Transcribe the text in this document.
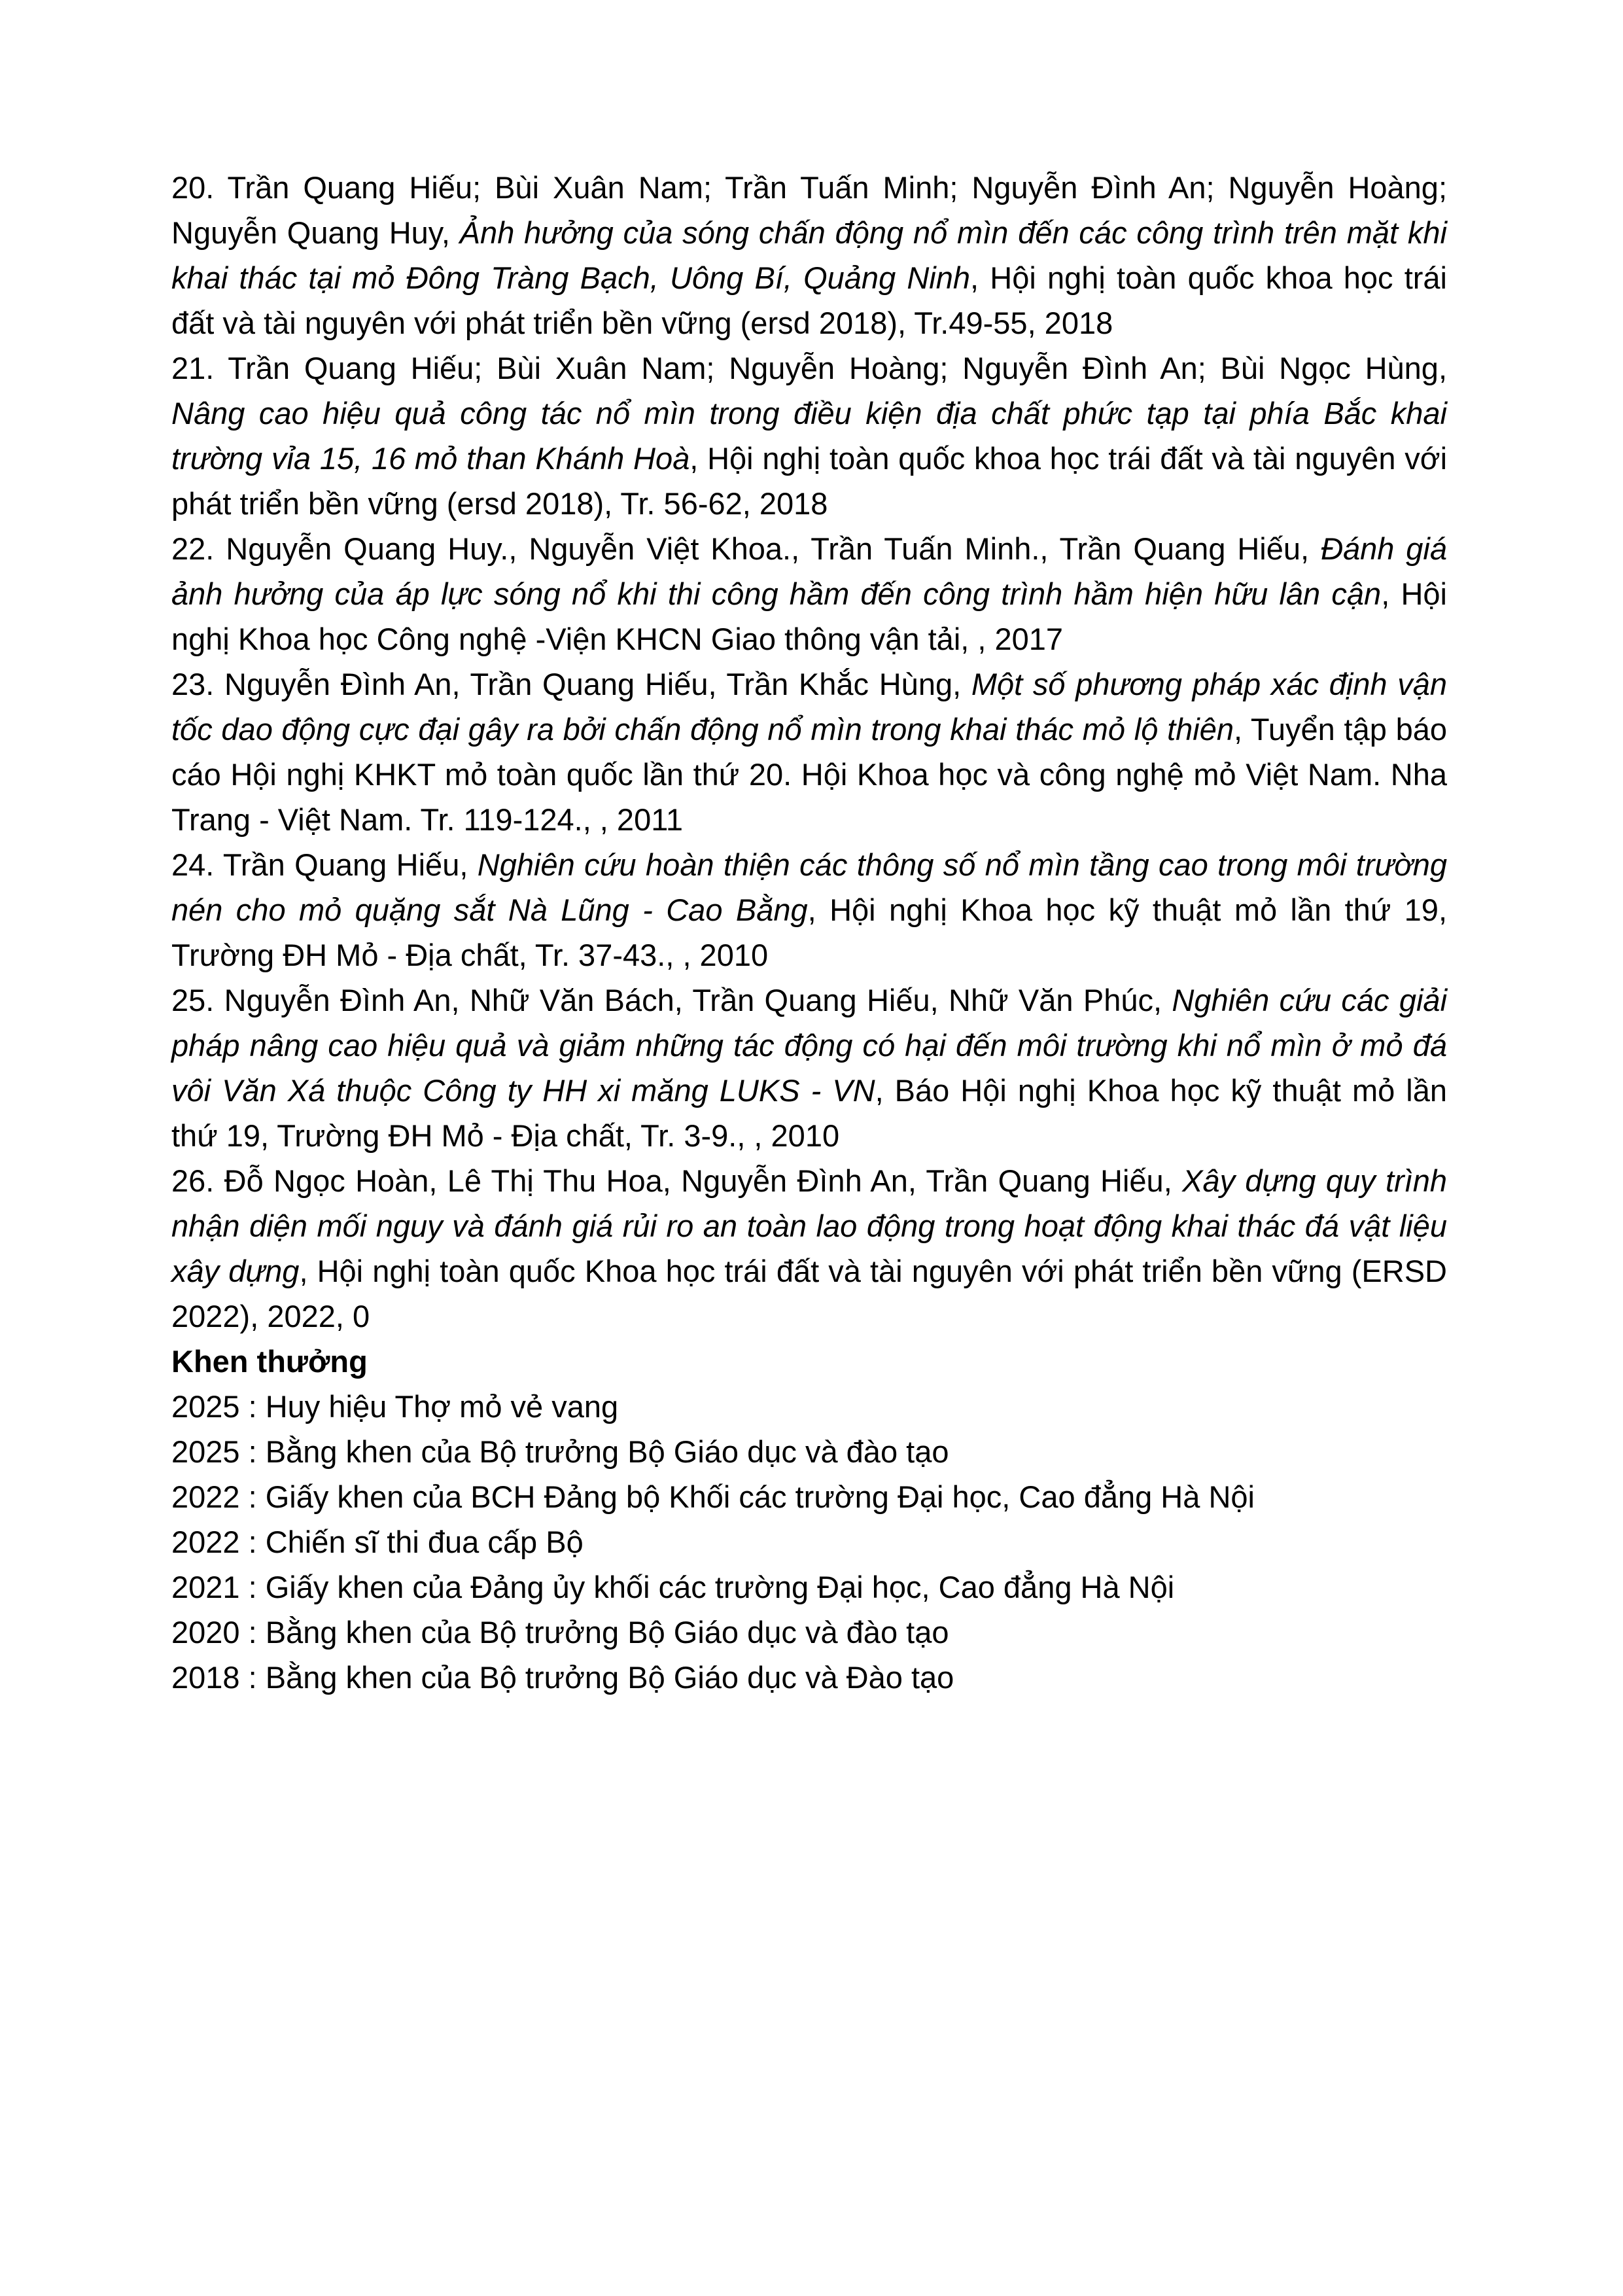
20. Trần Quang Hiếu; Bùi Xuân Nam; Trần Tuấn Minh; Nguyễn Đình An; Nguyễn Hoàng; Nguyễn Quang Huy, Ảnh hưởng của sóng chấn động nổ mìn đến các công trình trên mặt khi khai thác tại mỏ Đông Tràng Bạch, Uông Bí, Quảng Ninh, Hội nghị toàn quốc khoa học trái đất và tài nguyên với phát triển bền vững (ersd 2018), Tr.49-55, 2018

21. Trần Quang Hiếu; Bùi Xuân Nam; Nguyễn Hoàng; Nguyễn Đình An; Bùi Ngọc Hùng, Nâng cao hiệu quả công tác nổ mìn trong điều kiện địa chất phức tạp tại phía Bắc khai trường vỉa 15, 16 mỏ than Khánh Hoà, Hội nghị toàn quốc khoa học trái đất và tài nguyên với phát triển bền vững (ersd 2018), Tr. 56-62, 2018

22. Nguyễn Quang Huy., Nguyễn Việt Khoa., Trần Tuấn Minh., Trần Quang Hiếu, Đánh giá ảnh hưởng của áp lực sóng nổ khi thi công hầm đến công trình hầm hiện hữu lân cận, Hội nghị Khoa học Công nghệ -Viện KHCN Giao thông vận tải, , 2017

23. Nguyễn Đình An, Trần Quang Hiếu, Trần Khắc Hùng, Một số phương pháp xác định vận tốc dao động cực đại gây ra bởi chấn động nổ mìn trong khai thác mỏ lộ thiên, Tuyển tập báo cáo Hội nghị KHKT mỏ toàn quốc lần thứ 20. Hội Khoa học và công nghệ mỏ Việt Nam. Nha Trang - Việt Nam. Tr. 119-124., , 2011

24. Trần Quang Hiếu, Nghiên cứu hoàn thiện các thông số nổ mìn tầng cao trong môi trường nén cho mỏ quặng sắt Nà Lũng - Cao Bằng, Hội nghị Khoa học kỹ thuật mỏ lần thứ 19, Trường ĐH Mỏ - Địa chất, Tr. 37-43., , 2010

25. Nguyễn Đình An, Nhữ Văn Bách, Trần Quang Hiếu, Nhữ Văn Phúc, Nghiên cứu các giải pháp nâng cao hiệu quả và giảm những tác động có hại đến môi trường khi nổ mìn ở mỏ đá vôi Văn Xá thuộc Công ty HH xi măng LUKS - VN, Báo Hội nghị Khoa học kỹ thuật mỏ lần thứ 19, Trường ĐH Mỏ - Địa chất, Tr. 3-9., , 2010

26. Đỗ Ngọc Hoàn, Lê Thị Thu Hoa, Nguyễn Đình An, Trần Quang Hiếu, Xây dựng quy trình nhận diện mối nguy và đánh giá rủi ro an toàn lao động trong hoạt động khai thác đá vật liệu xây dựng, Hội nghị toàn quốc Khoa học trái đất và tài nguyên với phát triển bền vững (ERSD 2022), 2022, 0

Khen thưởng

2025 : Huy hiệu Thợ mỏ vẻ vang
2025 : Bằng khen của Bộ trưởng Bộ Giáo dục và đào tạo
2022 : Giấy khen của BCH Đảng bộ Khối các trường Đại học, Cao đẳng Hà Nội
2022 : Chiến sĩ thi đua cấp Bộ
2021 : Giấy khen của Đảng ủy khối các trường Đại học, Cao đẳng Hà Nội
2020 : Bằng khen của Bộ trưởng Bộ Giáo dục và đào tạo
2018 : Bằng khen của Bộ trưởng Bộ Giáo dục và Đào tạo
